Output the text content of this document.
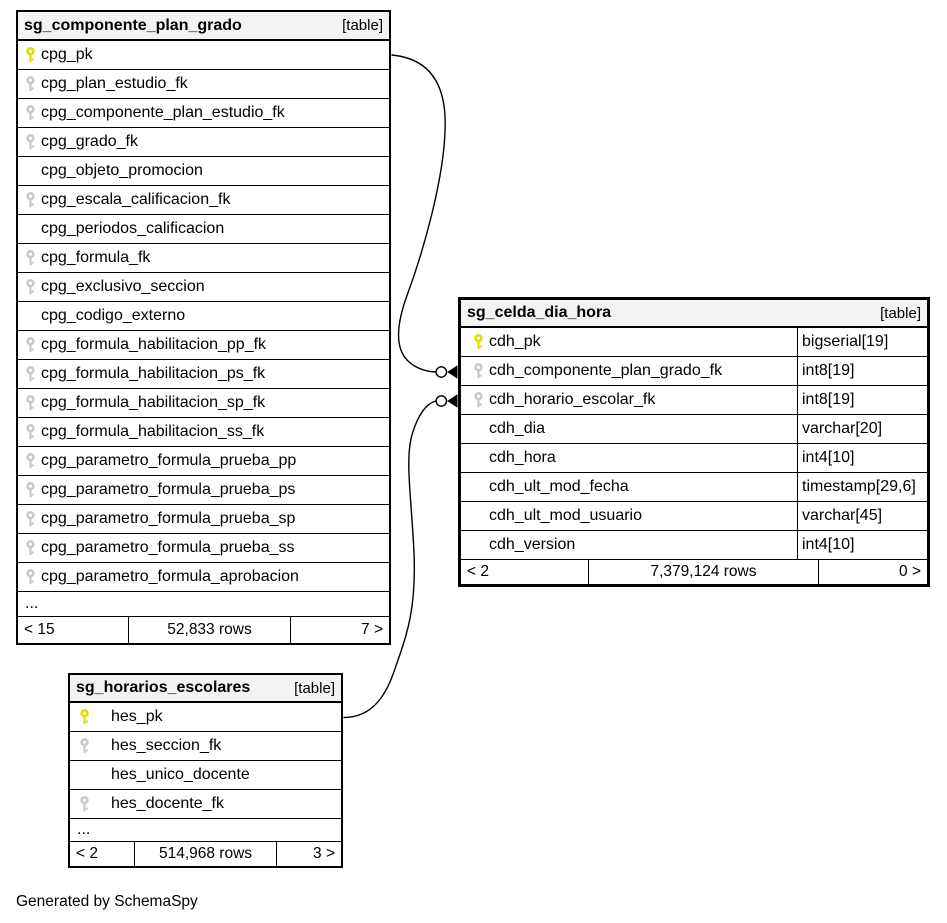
sg_componente_plan_grado	[table]
cpg_pk
cpg_plan_estudio_fk
cpg_componente_plan_estudio_fk
cpg_grado_fk
cpg_objeto_promocion
cpg_escala_calificacion_fk
cpg_periodos_calificacion
cpg_formula_fk
cpg_exclusivo_seccion
cpg_codigo_externo
cpg_formula_habilitacion_pp_fk
cpg_formula_habilitacion_ps_fk
cpg_formula_habilitacion_sp_fk
cpg_formula_habilitacion_ss_fk
cpg_parametro_formula_prueba_pp
cpg_parametro_formula_prueba_ps
cpg_parametro_formula_prueba_sp
cpg_parametro_formula_prueba_ss
cpg_parametro_formula_aprobacion
...
< 15	52,833 rows	7 >
sg_celda_dia_hora	[table]
cdh_pk	bigserial[19]
cdh_componente_plan_grado_fk	int8[19]
cdh_horario_escolar_fk	int8[19]
cdh_dia	varchar[20]
cdh_hora	int4[10]
cdh_ult_mod_fecha	timestamp[29,6]
cdh_ult_mod_usuario	varchar[45]
cdh_version	int4[10]
< 2	7,379,124 rows	0 >
sg_horarios_escolares	[table]
hes_pk
hes_seccion_fk
hes_unico_docente
hes_docente_fk
...
< 2	514,968 rows	3 >
Generated by SchemaSpy
